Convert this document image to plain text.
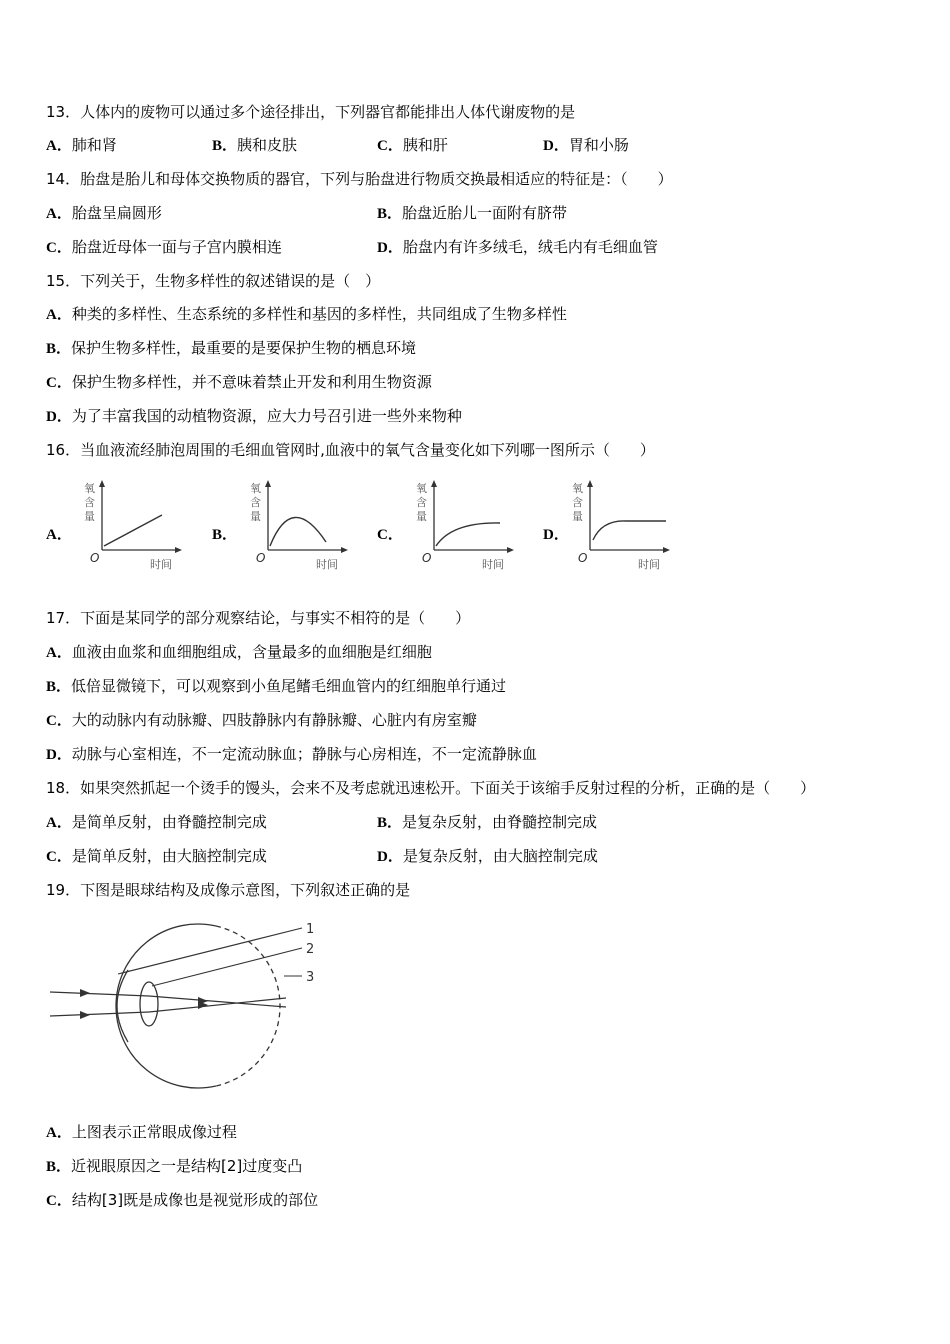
13．人体内的废物可以通过多个途径排出，下列器官都能排出人体代谢废物的是
A．肺和肾	B．胰和皮肤	C．胰和肝	D．胃和小肠
14．胎盘是胎儿和母体交换物质的器官，下列与胎盘进行物质交换最相适应的特征是：（　　）
A．胎盘呈扁圆形	B．胎盘近胎儿一面附有脐带
C．胎盘近母体一面与子宫内膜相连	D．胎盘内有许多绒毛，绒毛内有毛细血管
15．下列关于，生物多样性的叙述错误的是（　）
A．种类的多样性、生态系统的多样性和基因的多样性，共同组成了生物多样性
B．保护生物多样性，最重要的是要保护生物的栖息环境
C．保护生物多样性，并不意味着禁止开发和利用生物资源
D．为了丰富我国的动植物资源，应大力号召引进一些外来物种
16．当血液流经肺泡周围的毛细血管网时,血液中的氧气含量变化如下列哪一图所示（　　）
A．	B．	C．	D．
氧
含
量
O	时间
氧
含
量
O	时间
氧
含
量
O	时间
氧
含
量
O	时间
17．下面是某同学的部分观察结论，与事实不相符的是（　　）
A．血液由血浆和血细胞组成，含量最多的血细胞是红细胞
B．低倍显微镜下，可以观察到小鱼尾鳍毛细血管内的红细胞单行通过
C．大的动脉内有动脉瓣、四肢静脉内有静脉瓣、心脏内有房室瓣
D．动脉与心室相连，不一定流动脉血；静脉与心房相连，不一定流静脉血
18．如果突然抓起一个烫手的馒头，会来不及考虑就迅速松开。下面关于该缩手反射过程的分析，正确的是（　　）
A．是简单反射，由脊髓控制完成	B．是复杂反射，由脊髓控制完成
C．是简单反射，由大脑控制完成	D．是复杂反射，由大脑控制完成
19．下图是眼球结构及成像示意图，下列叙述正确的是
1
2
3
A．上图表示正常眼成像过程
B．近视眼原因之一是结构[2]过度变凸
C．结构[3]既是成像也是视觉形成的部位
